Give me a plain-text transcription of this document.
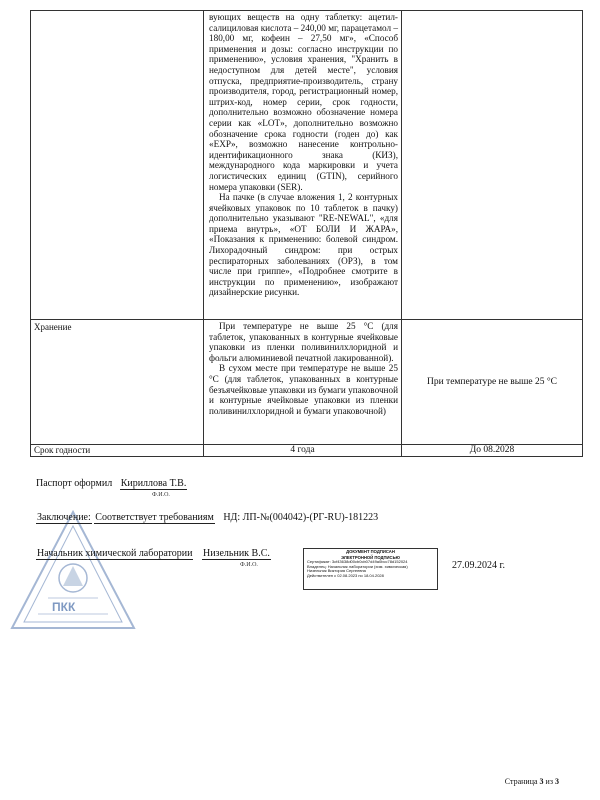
	вующих веществ на одну таблетку: ацетил-салициловая кислота – 240,00 мг, парацетамол – 180,00 мг, кофеин – 27,50 мг», «Способ применения и дозы: согласно инструкции по применению», условия хранения, "Хранить в недоступном для детей месте", условия отпуска, предприятие-производитель, страну производителя, город, регистрационный номер, штрих-код, номер серии, срок годности, дополнительно возможно обозначение номера серии как «LOT», дополнительно возможно обозначение срока годности (годен до) как «EXP», возможно нанесение контрольно-идентификационного знака (КИЗ), международного кода маркировки и учета логистических единиц (GTIN), серийного номера упаковки (SER).

На пачке (в случае вложения 1, 2 контурных ячейковых упаковок по 10 таблеток в пачку) дополнительно указывают "RE-NEWAL", «для приема внутрь», «ОТ БОЛИ И ЖАРА», «Показания к применению: болевой синдром. Лихорадочный синдром: при острых респираторных заболеваниях (ОРЗ), в том числе при гриппе», «Подробнее смотрите в инструкции по применению», изображают дизайнерские рисунки.	

Хранение	При температуре не выше 25 °C (для таблеток, упакованных в контурные ячейковые упаковки из пленки поливинилхлоридной и фольги алюминиевой печатной лакированной).

В сухом месте при температуре не выше 25 °C (для таблеток, упакованных в контурные безъячейковые упаковки из бумаги упаковочной и контурные ячейковые упаковки из пленки поливинилхлоридной и бумаги упаковочной)	При температуре не выше 25 °C

Срок годности	4 года	До 08.2028
ПКК
Паспорт оформил Кириллова Т.В.
Ф.И.О.
Заключение: Соответствует требованиям НД: ЛП-№(004042)-(РГ-RU)-181223
Начальник химической лаборатории Низельник В.С.
Ф.И.О.
ДОКУМЕНТ ПОДПИСАН
ЭЛЕКТРОННОЙ ПОДПИСЬЮ
Сертификат: 3cf43638d00cb0cb07d49a0bcc78d152024
Владелец: Начальник лаборатории (хим. химическая)
Низельник Виктория Сергеевна
Действителен с 02.08.2023 по 18.04.2028
27.09.2024 г.
Страница 3 из 3
